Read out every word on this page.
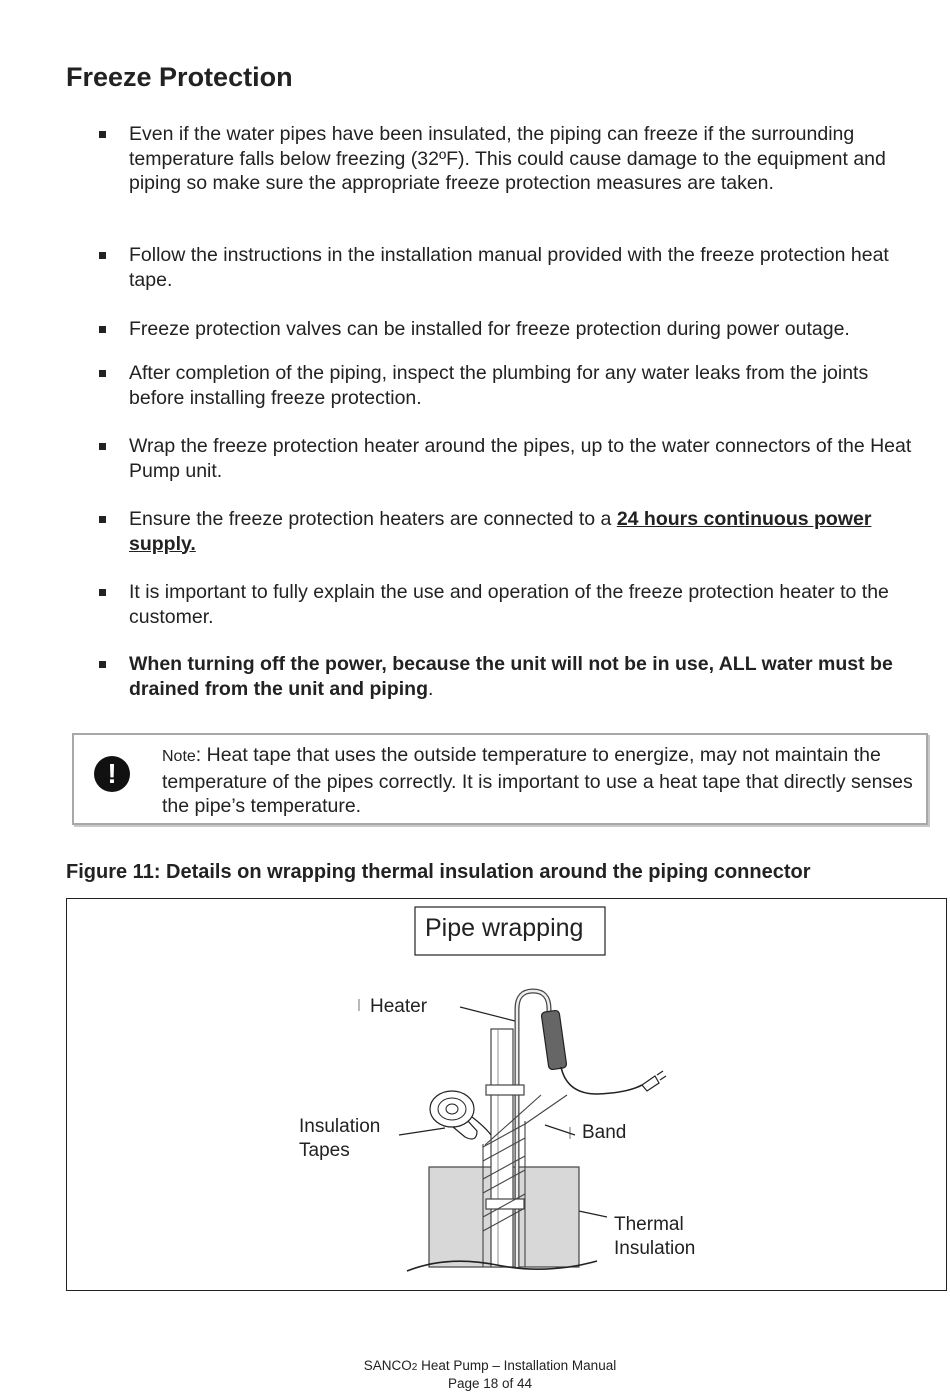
Freeze Protection
Even if the water pipes have been insulated, the piping can freeze if the surrounding temperature falls below freezing (32ºF). This could cause damage to the equipment and piping so make sure the appropriate freeze protection measures are taken.
Follow the instructions in the installation manual provided with the freeze protection heat tape.
Freeze protection valves can be installed for freeze protection during power outage.
After completion of the piping, inspect the plumbing for any water leaks from the joints before installing freeze protection.
Wrap the freeze protection heater around the pipes, up to the water connectors of the Heat Pump unit.
Ensure the freeze protection heaters are connected to a 24 hours continuous power supply.
It is important to fully explain the use and operation of the freeze protection heater to the customer.
When turning off the power, because the unit will not be in use, ALL water must be drained from the unit and piping.
!
Note: Heat tape that uses the outside temperature to energize, may not maintain the temperature of the pipes correctly. It is important to use a heat tape that directly senses the pipe’s temperature.
Figure 11: Details on wrapping thermal insulation around the piping connector
Pipe wrapping
Heater
Insulation
Tapes
Band
Thermal
Insulation
SANCO2 Heat Pump – Installation Manual
Page 18 of 44
